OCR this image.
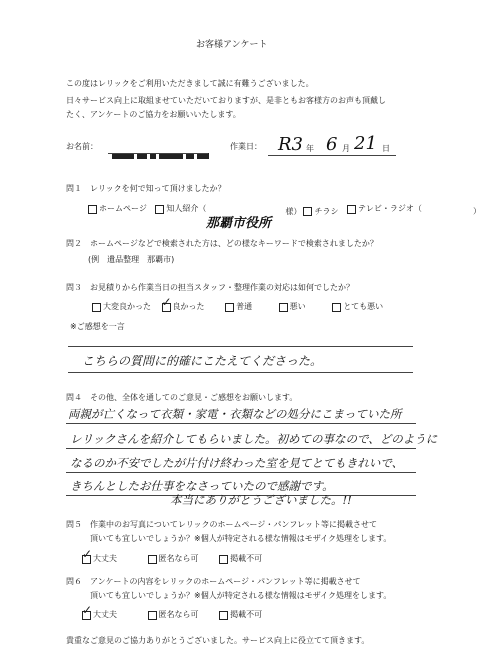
お客様アンケート
この度はレリックをご利用いただきまして誠に有難うございました。
日々サービス向上に取組ませていただいておりますが、是非ともお客様方のお声も頂戴し
たく、アンケートのご協力をお願いいたします。
お名前：	作業日： R3 年 6 月 21 日
問１ レリックを何で知って頂けましたか？
ホームページ
知人紹介（
	様） チラシ
テレビ・ラジオ（	）
那覇市役所
問２ ホームページなどで検索された方は、どの様なキーワードで検索されましたか？
(例　遺品整理　那覇市)
問３ お見積りから作業当日の担当スタッフ・整理作業の対応は如何でしたか？
大変良かった

✓	良かった
	普通
	悪い
	とても悪い
※ご感想を一言
こちらの質問に的確にこたえてくださった。
問４ その他、全体を通してのご意見・ご感想をお願いします。
両親が亡くなって衣類・家電・衣類などの処分にこまっていた所
レリックさんを紹介してもらいました。初めての事なので、どのように
なるのか不安でしたが片付け終わった室を見てとてもきれいで、
きちんとしたお仕事をなさっていたので感謝です。
本当にありがとうございました。!!
問５ 作業中のお写真についてレリックのホームページ・パンフレット等に掲載させて
頂いても宜しいでしょうか？※個人が特定される様な情報はモザイク処理をします。
✓
大丈夫
	匿名なら可
	掲載不可
問６ アンケートの内容をレリックのホームページ・パンフレット等に掲載させて
頂いても宜しいでしょうか？※個人が特定される様な情報はモザイク処理をします。
✓
大丈夫
	匿名なら可
	掲載不可
貴重なご意見のご協力ありがとうございました。サービス向上に役立てて頂きます。
